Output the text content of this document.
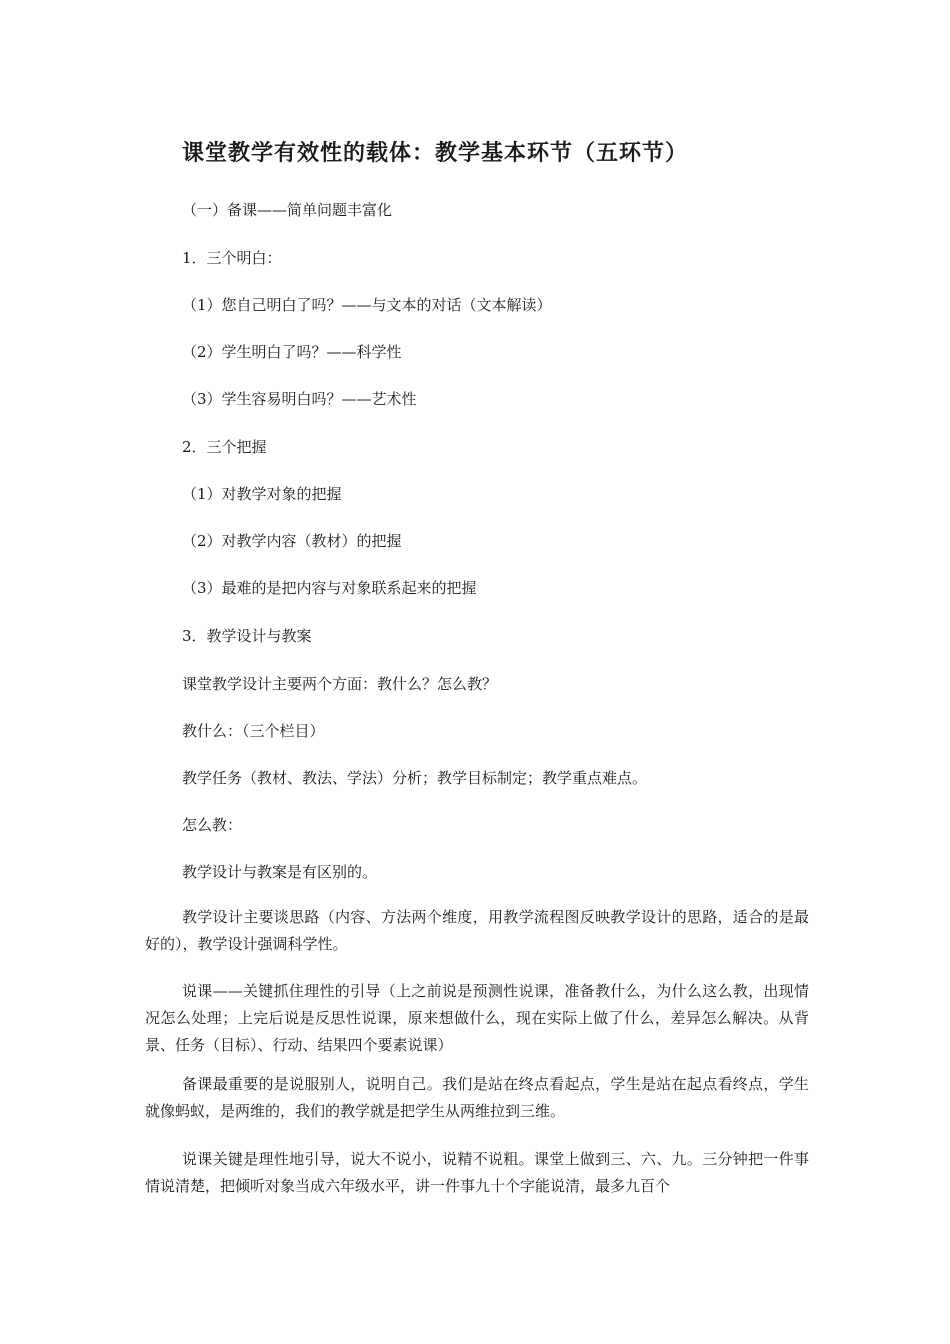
课堂教学有效性的载体：教学基本环节（五环节）
（一）备课——简单问题丰富化
1．三个明白：
（1）您自己明白了吗？——与文本的对话（文本解读）
（2）学生明白了吗？——科学性
（3）学生容易明白吗？——艺术性
2．三个把握
（1）对教学对象的把握
（2）对教学内容（教材）的把握
（3）最难的是把内容与对象联系起来的把握
3．教学设计与教案
课堂教学设计主要两个方面：教什么？怎么教？
教什么：（三个栏目）
教学任务（教材、教法、学法）分析；教学目标制定；教学重点难点。
怎么教：
教学设计与教案是有区别的。
教学设计主要谈思路（内容、方法两个维度，用教学流程图反映教学设计的思路，适合的是最好的），教学设计强调科学性。
说课——关键抓住理性的引导（上之前说是预测性说课，准备教什么，为什么这么教，出现情况怎么处理；上完后说是反思性说课，原来想做什么，现在实际上做了什么，差异怎么解决。从背景、任务（目标）、行动、结果四个要素说课）
备课最重要的是说服别人，说明自己。我们是站在终点看起点，学生是站在起点看终点，学生就像蚂蚁，是两维的，我们的教学就是把学生从两维拉到三维。
说课关键是理性地引导，说大不说小，说精不说粗。课堂上做到三、六、九。三分钟把一件事情说清楚，把倾听对象当成六年级水平，讲一件事九十个字能说清，最多九百个
